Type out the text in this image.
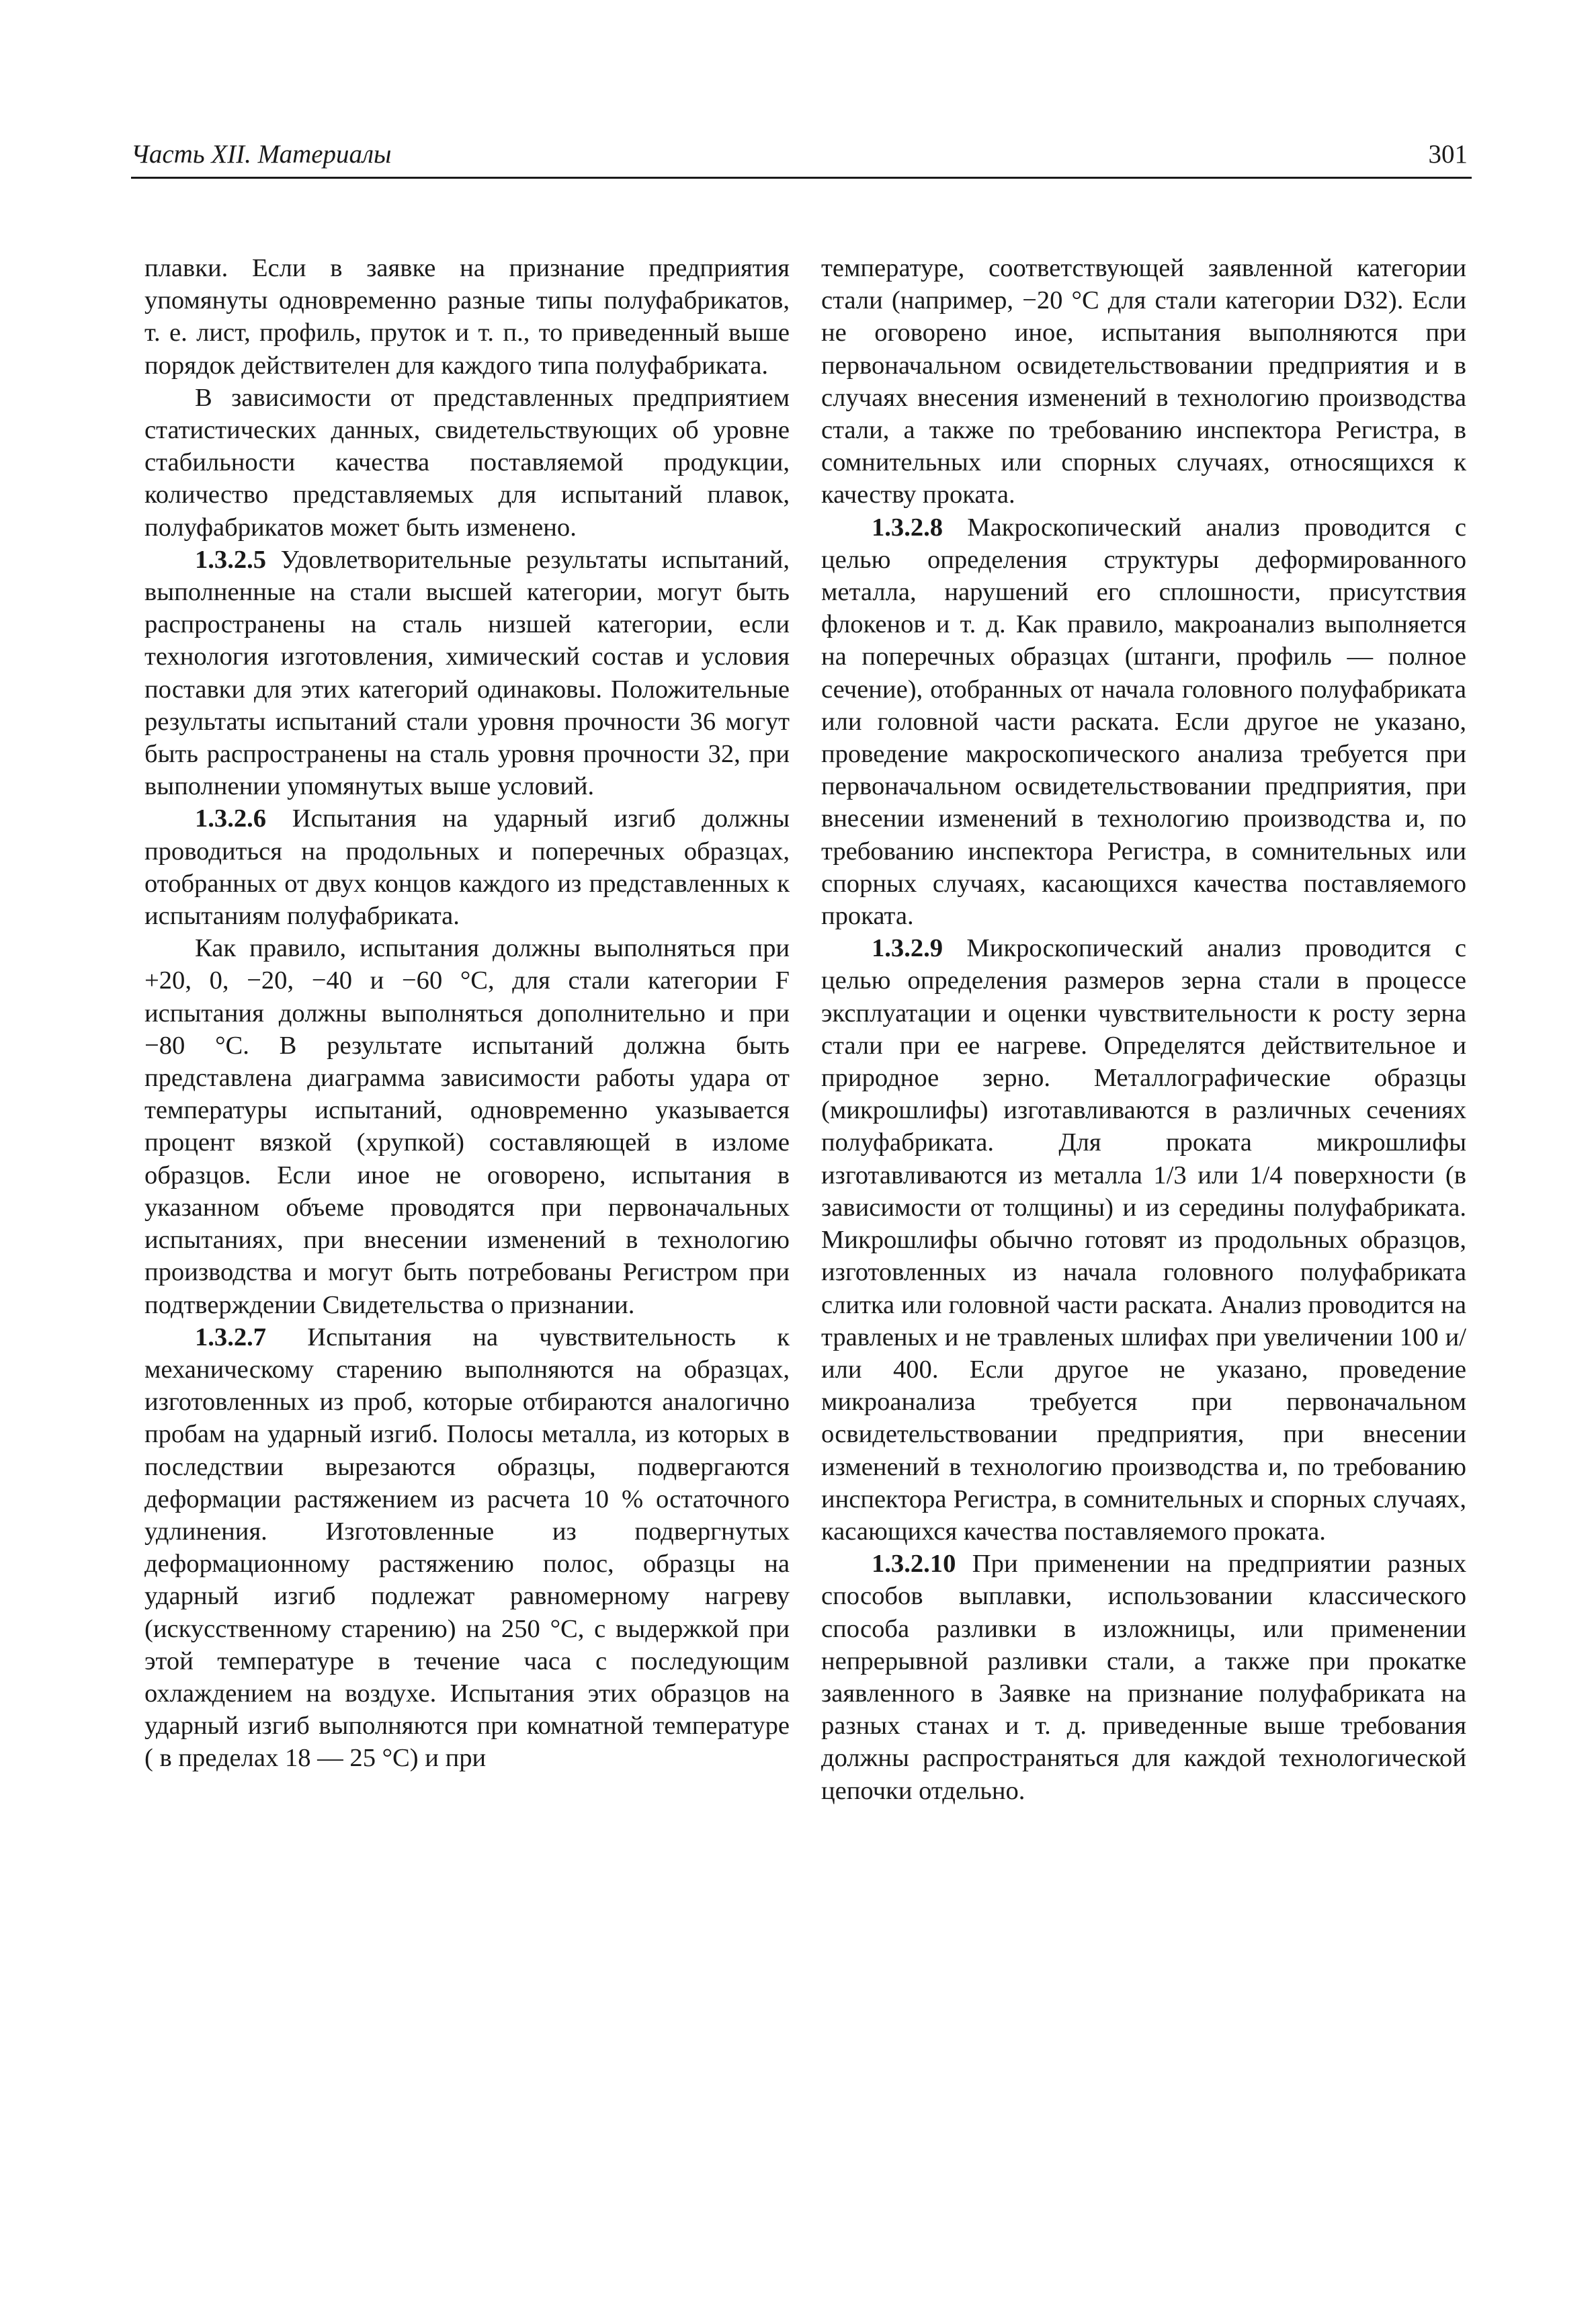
Часть XII. Материалы	301

плавки. Если в заявке на признание предприятия упомянуты одновременно разные типы полуфабрикатов, т. е. лист, профиль, пруток и т. п., то приведенный выше порядок действителен для каждого типа полуфабриката.

В зависимости от представленных предприятием статистических данных, свидетельствующих об уровне стабильности качества поставляемой продукции, количество представляемых для испытаний плавок, полуфабрикатов может быть изменено.

1.3.2.5 Удовлетворительные результаты испытаний, выполненные на стали высшей категории, могут быть распространены на сталь низшей категории, если технология изготовления, химический состав и условия поставки для этих категорий одинаковы. Положительные результаты испытаний стали уровня прочности 36 могут быть распространены на сталь уровня прочности 32, при выполнении упомянутых выше условий.

1.3.2.6 Испытания на ударный изгиб должны проводиться на продольных и поперечных образцах, отобранных от двух концов каждого из представленных к испытаниям полуфабриката.

Как правило, испытания должны выполняться при +20, 0, −20, −40 и −60 °C, для стали категории F испытания должны выполняться дополнительно и при −80 °C. В результате испытаний должна быть представлена диаграмма зависимости работы удара от температуры испытаний, одновременно указывается процент вязкой (хрупкой) составляющей в изломе образцов. Если иное не оговорено, испытания в указанном объеме проводятся при первоначальных испытаниях, при внесении изменений в технологию производства и могут быть потребованы Регистром при подтверждении Свидетельства о признании.

1.3.2.7 Испытания на чувствительность к механическому старению выполняются на образцах, изготовленных из проб, которые отбираются аналогично пробам на ударный изгиб. Полосы металла, из которых в последствии вырезаются образцы, подвергаются деформации растяжением из расчета 10 % остаточного удлинения. Изготовленные из подвергнутых деформационному растяжению полос, образцы на ударный изгиб подлежат равномерному нагреву (искусственному старению) на 250 °C, с выдержкой при этой температуре в течение часа с последующим охлаждением на воздухе. Испытания этих образцов на ударный изгиб выполняются при комнатной температуре ( в пределах 18 — 25 °C) и при

температуре, соответствующей заявленной категории стали (например, −20 °C для стали категории D32). Если не оговорено иное, испытания выполняются при первоначальном освидетельствовании предприятия и в случаях внесения изменений в технологию производства стали, а также по требованию инспектора Регистра, в сомнительных или спорных случаях, относящихся к качеству проката.

1.3.2.8 Макроскопический анализ проводится с целью определения структуры деформированного металла, нарушений его сплошности, присутствия флокенов и т. д. Как правило, макроанализ выполняется на поперечных образцах (штанги, профиль — полное сечение), отобранных от начала головного полуфабриката или головной части раската. Если другое не указано, проведение макроскопического анализа требуется при первоначальном освидетельствовании предприятия, при внесении изменений в технологию производства и, по требованию инспектора Регистра, в сомнительных или спорных случаях, касающихся качества поставляемого проката.

1.3.2.9 Микроскопический анализ проводится с целью определения размеров зерна стали в процессе эксплуатации и оценки чувствительности к росту зерна стали при ее нагреве. Определятся действительное и природное зерно. Металлографические образцы (микрошлифы) изготавливаются в различных сечениях полуфабриката. Для проката микрошлифы изготавливаются из металла 1/3 или 1/4 поверхности (в зависимости от толщины) и из середины полуфабриката. Микрошлифы обычно готовят из продольных образцов, изготовленных из начала головного полуфабриката слитка или головной части раската. Анализ проводится на травленых и не травленых шлифах при увеличении 100 и/или 400. Если другое не указано, проведение микроанализа требуется при первоначальном освидетельствовании предприятия, при внесении изменений в технологию производства и, по требованию инспектора Регистра, в сомнительных и спорных случаях, касающихся качества поставляемого проката.

1.3.2.10 При применении на предприятии разных способов выплавки, использовании классического способа разливки в изложницы, или применении непрерывной разливки стали, а также при прокатке заявленного в Заявке на признание полуфабриката на разных станах и т. д. приведенные выше требования должны распространяться для каждой технологической цепочки отдельно.
